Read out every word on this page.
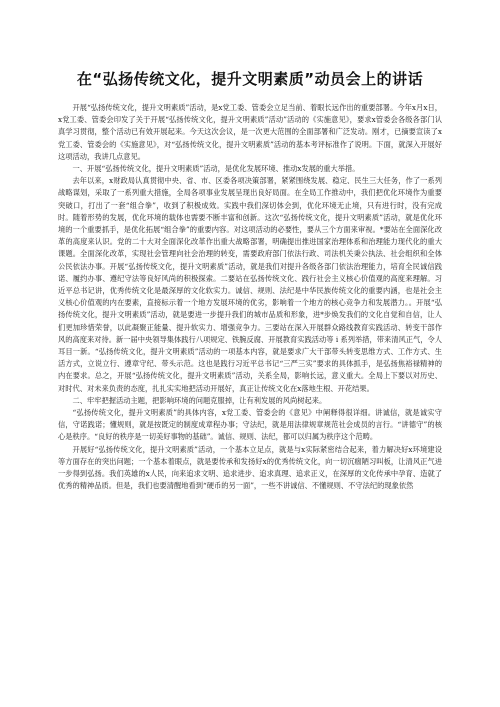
在“弘扬传统文化，提升文明素质”动员会上的讲话

开展“弘扬传统文化，提升文明素质”活动，是x党工委、管委会立足当前、着眼长远作出的重要部署。今年x月x日，x党工委、管委会印发了关于开展“弘扬传统文化，提升文明素质”活动”活动的《实施意见》，要求x管委会各级各部门认真学习贯彻，整个活动已有效开展起来。今天这次会议，是一次更大范围的全面部署和广泛发动。刚才，已摘要宣读了x党工委、管委会的《实施意见》，对“弘扬传统文化，提升文明素质”活动的基本考评标准作了说明。下面，就深入开展好这项活动，我讲几点意见。

一、开展“弘扬传统文化，提升文明素质”活动，是优化发展环境、推动x发展的重大举措。

去年以来，x财政局认真贯彻中央、省、市、区委各项决策部署，紧紧围绕发展、稳定、民生三大任务，作了一系列战略谋划，采取了一系列重大措施，全局各项事业发展呈现出良好局面。在全局工作推动中，我们把优化环境作为重要突破口，打出了一套“组合拳”，收到了积极成效。实践中我们深切体会到，优化环境无止境，只有进行时，没有完成时。随着形势的发展，优化环境的载体也需要不断丰富和创新。这次“弘扬传统文化，提升文明素质”活动，就是优化环境的一个重要抓手，是优化拓展“组合拳”的重要内容。对这项活动的必要性，要从三个方面来审视。*要站在全面深化改革的高度来认识。党的二十大对全面深化改革作出重大战略部署，明确提出推进国家治理体系和治理能力现代化的重大课题。全面深化改革，实现社会管理向社会治理的转变，需要政府部门依法行政、司法机关秉公执法、社会组织和全体公民依法办事。开展“弘扬传统文化，提升文明素质”活动，就是我们对提升各级各部门依法治理能力，培育全民诚信践诺、履约办事、遵纪守法等良好风尚的积极探索。二要站在弘扬传统文化、践行社会主义核心价值观的高度来理解。习近平总书记讲，优秀传统文化是最深厚的文化软实力。诚信、规则、法纪是中华民族传统文化的重要内涵，也是社会主义核心价值观的内在要素，直接标示着一个地方发展环境的优劣，影响着一个地方的核心竞争力和发展潜力。。开展“弘扬传统文化，提升文明素质”活动，就是要进一步提升我们的城市品质和形象，进*步焕发我们的文化自觉和自信，让人们更加珍惜荣誉，以此凝聚正能量、提升软实力、增强竞争力。三要站在深入开展群众路线教育实践活动、转变干部作风的高度来对待。新一届中央领导集体践行八项规定、铁腕反腐、开展教育实践活动等 i 系列举措，带来清风正气，令人耳目一新。“弘扬传统文化，提升文明素质”活动的一项基本内容，就是要求广大干部带头转变思维方式、工作方式、生活方式，立说立行、遵章守纪、带头示范。这也是践行习近平总书记“三严三实”要求的具体抓手，是弘扬焦裕禄精神的内在要求。总之，开展“弘扬传统文化，提升文明素质”活动，关系全局，影响长远，意义重大。全局上下要以对历史、对时代、对未来负责的态度，扎扎实实地把活动开展好，真正让传统文化在x落地生根、开花结果。

二、牢牢把握活动主题，把影响环境的问题克服掉，让有利发展的风尚树起来。

“弘扬传统文化，提升文明素质”的具体内容，x党工委、管委会的《意见》中阐释得很详细。讲诚信，就是诚实守信，守诺践诺；懂规则，就是按既定的制度成章程办事；守法纪，就是用法律规章规范社会成员的言行。“讲德守”的核心是秩序。“良好的秩序是一切美好事物的基础”。诚信、规则、法纪，都可以归属为秩序这个范畴。

开展好“弘扬传统文化，提升文明素质”活动，一个基本立足点，就是与x实际紧密结合起来，着力解决好x环境建设等方面存在的突出问题；一个基本着眼点，就是要传承和发扬好x的优秀传统文化，向一切沉痼陋习叫板，让清风正气进一步得到弘扬。我们英雄的x人民，向来追求文明、追求进步、追求真理、追求正义，在深厚的文化传承中孕育、造就了优秀的精神品质。但是，我们也要清醒地看到“硬币的另一面”，一些不讲诚信、不懂规则、不守法纪的现象依然
